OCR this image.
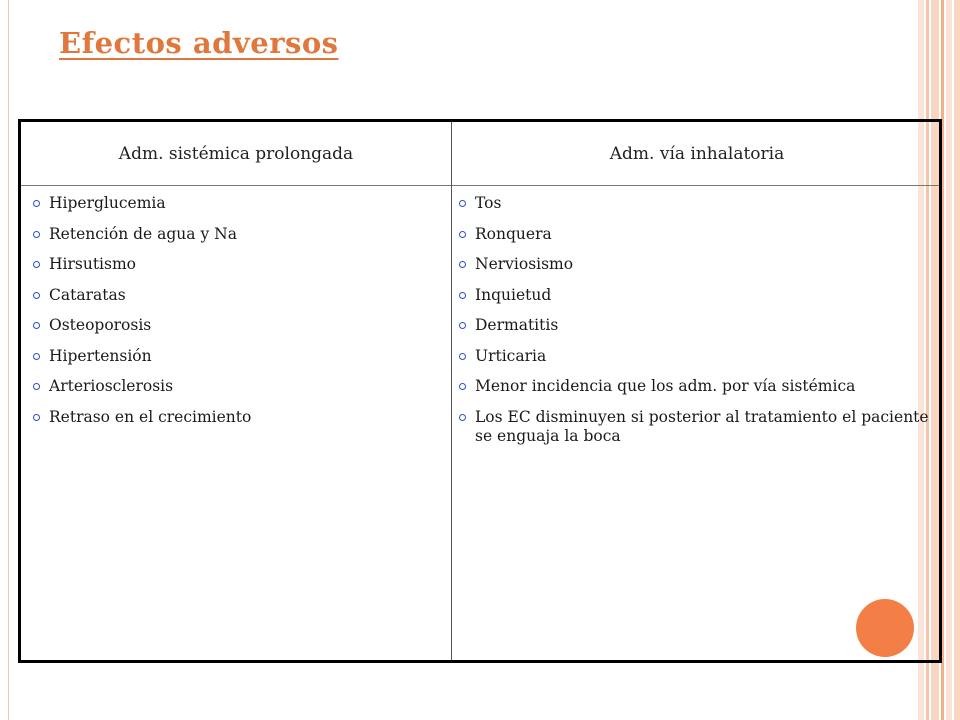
Efectos adversos
Adm. sistémica prolongada	Adm. vía inhalatoria
Hiperglucemia
Retención de agua y Na
Hirsutismo
Cataratas
Osteoporosis
Hipertensión
Arteriosclerosis
Retraso en el crecimiento
Tos
Ronquera
Nerviosismo
Inquietud
Dermatitis
Urticaria
Menor incidencia que los adm. por vía sistémica
Los EC disminuyen si posterior al tratamiento el paciente se enguaja la boca
